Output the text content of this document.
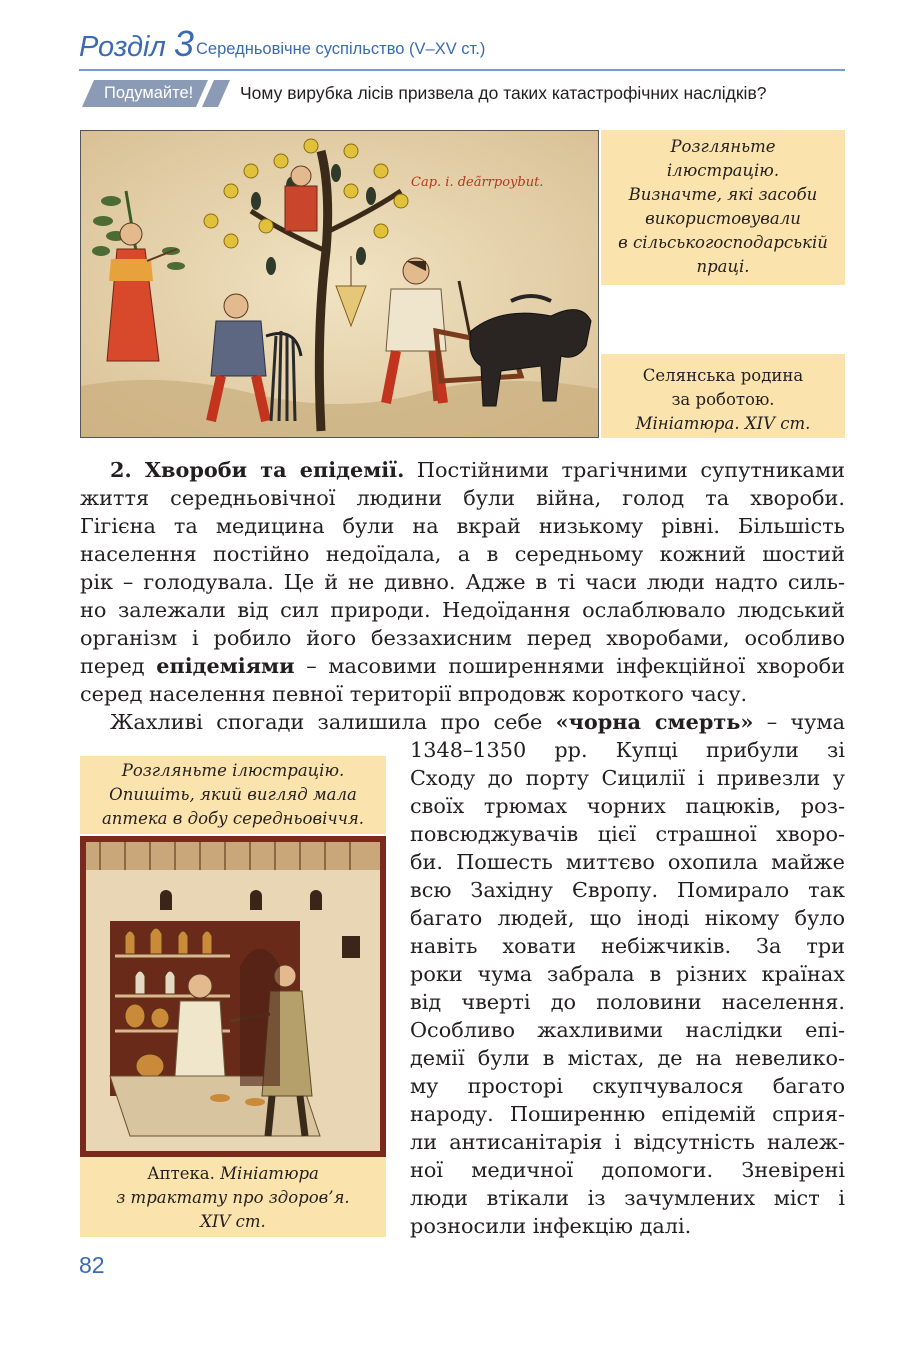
Розділ 3 Середньовічне суспільство (V–XV ст.)
Подумайте!	Чому вирубка лісів призвела до таких катастрофічних наслідків?
Сар. і. deãrrpoybut.
Розгляньте
ілюстрацію.
Визначте, які засоби
використовували
в сільськогосподарській
праці.
Селянська родина
за роботою.
Мініатюра. XIV ст.
2. Хвороби та епідемії. Постійними трагічними супутниками
життя середньовічної людини були війна, голод та хвороби.
Гігієна та медицина були на вкрай низькому рівні. Більшість
населення постійно недоїдала, а в середньому кожний шостий
рік – голодувала. Це й не дивно. Адже в ті часи люди надто силь-
но залежали від сил природи. Недоїдання ослаблювало людський
організм і робило його беззахисним перед хворобами, особливо
перед епідеміями – масовими поширеннями інфекційної хвороби
серед населення певної території впродовж короткого часу.
Жахливі спогади залишила про себе «чорна смерть» – чума
1348–1350 рр. Купці прибули зі
Сходу до порту Сицилії і привезли у
своїх трюмах чорних пацюків, роз-
повсюджувачів цієї страшної хворо-
би. Пошесть миттєво охопила майже
всю Західну Європу. Помирало так
багато людей, що іноді нікому було
навіть ховати небіжчиків. За три
роки чума забрала в різних країнах
від чверті до половини населення.
Особливо жахливими наслідки епі-
демії були в містах, де на невелико-
му просторі скупчувалося багато
народу. Поширенню епідемій сприя-
ли антисанітарія і відсутність належ-
ної медичної допомоги. Зневірені
люди втікали із зачумлених міст і
розносили інфекцію далі.
Розгляньте ілюстрацію.
Опишіть, який вигляд мала
аптека в добу середньовіччя.
Аптека. Мініатюра
з трактату про здоров’я.
XIV ст.
82
